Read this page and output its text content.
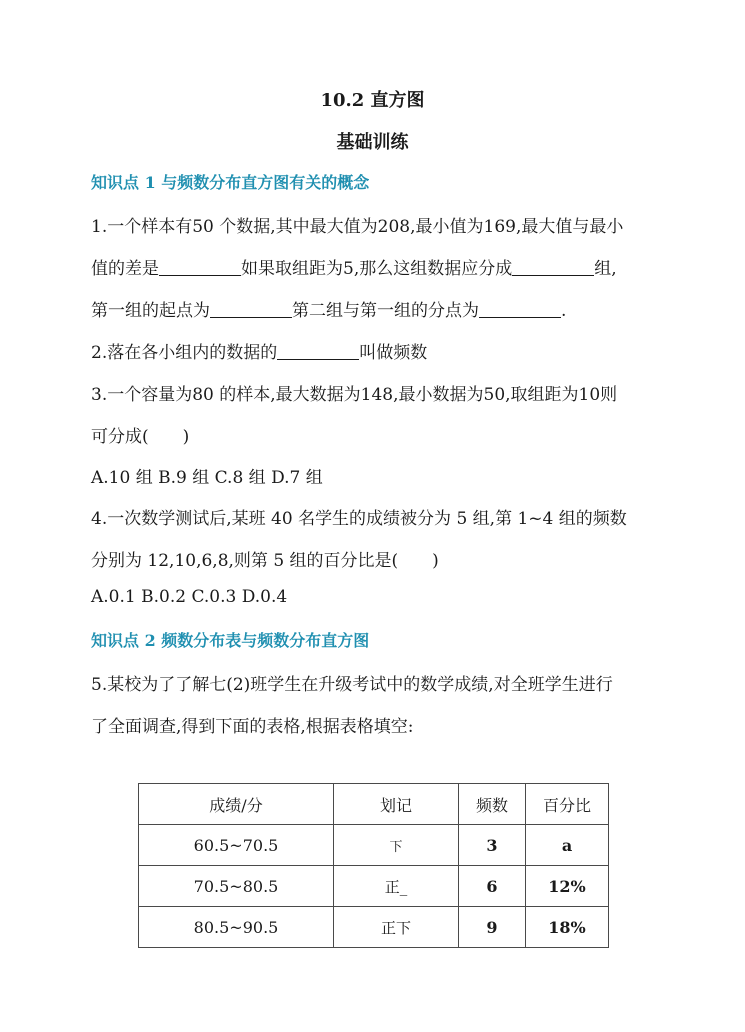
10.2 直方图
基础训练
知识点 1 与频数分布直方图有关的概念
1.一个样本有50 个数据,其中最大值为208,最小值为169,最大值与最小
值的差是	如果取组距为5,那么这组数据应分成	组,
第一组的起点为	第二组与第一组的分点为	.
2.落在各小组内的数据的	叫做频数
3.一个容量为80 的样本,最大数据为148,最小数据为50,取组距为10则
可分成( )
A.10 组 B.9 组 C.8 组 D.7 组
4.一次数学测试后,某班 40 名学生的成绩被分为 5 组,第 1~4 组的频数
分别为 12,10,6,8,则第 5 组的百分比是( )
A.0.1 B.0.2 C.0.3 D.0.4
知识点 2 频数分布表与频数分布直方图
5.某校为了了解七(2)班学生在升级考试中的数学成绩,对全班学生进行
了全面调查,得到下面的表格,根据表格填空:
成绩/分	划记	频数	百分比
60.5~70.5	下	3	a
70.5~80.5	正_	6	12%
80.5~90.5	正下	9	18%
